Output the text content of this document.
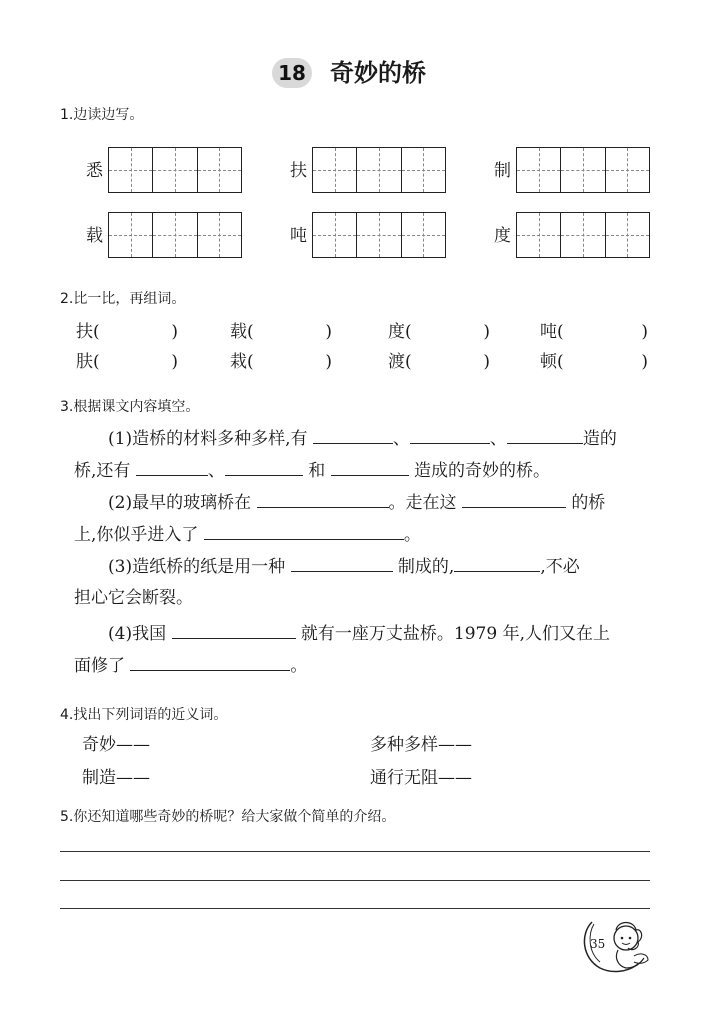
18 奇妙的桥
1.边读边写。
悉	扶	制
载	吨	度
2.比一比，再组词。
扶(	)	载(	)	度(	)	吨(	)
肤(	)	栽(	)	渡(	)	顿(	)
3.根据课文内容填空。
(1)造桥的材料多种多样,有	、	、	造的
桥,还有	、	和	造成的奇妙的桥。
(2)最早的玻璃桥在	。走在这	的桥
上,你似乎进入了	。
(3)造纸桥的纸是用一种	制成的,	,不必
担心它会断裂。
(4)我国	就有一座万丈盐桥。1979 年,人们又在上
面修了	。
4.找出下列词语的近义词。
奇妙——	多种多样——
制造——	通行无阻——
5.你还知道哪些奇妙的桥呢？给大家做个简单的介绍。
35
